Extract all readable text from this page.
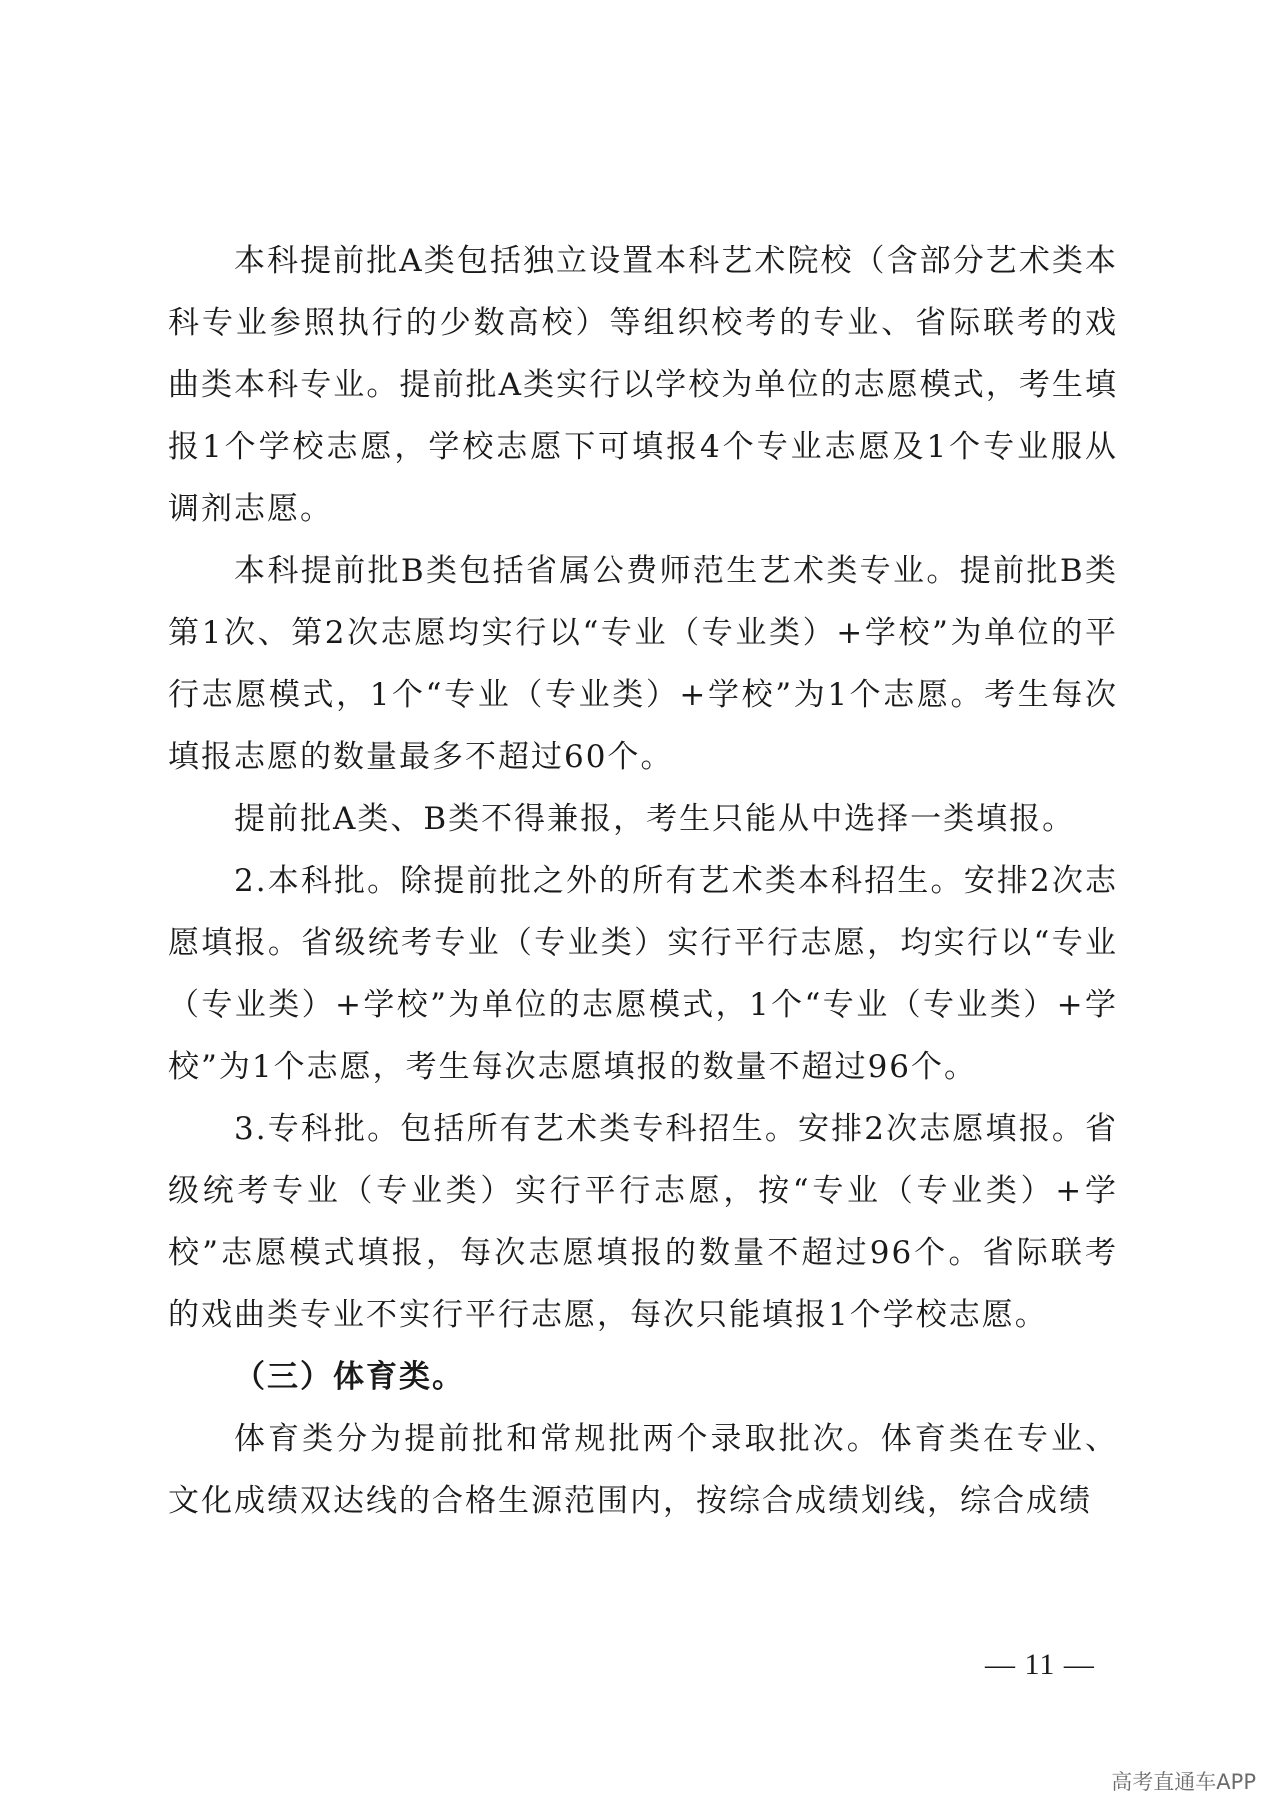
本科提前批A类包括独立设置本科艺术院校（含部分艺术类本科专业参照执行的少数高校）等组织校考的专业、省际联考的戏曲类本科专业。提前批A类实行以学校为单位的志愿模式，考生填报1个学校志愿，学校志愿下可填报4个专业志愿及1个专业服从调剂志愿。

本科提前批B类包括省属公费师范生艺术类专业。提前批B类第1次、第2次志愿均实行以“专业（专业类）+学校”为单位的平行志愿模式，1个“专业（专业类）+学校”为1个志愿。考生每次填报志愿的数量最多不超过60个。

提前批A类、B类不得兼报，考生只能从中选择一类填报。

2.本科批。除提前批之外的所有艺术类本科招生。安排2次志愿填报。省级统考专业（专业类）实行平行志愿，均实行以“专业（专业类）+学校”为单位的志愿模式，1个“专业（专业类）+学校”为1个志愿，考生每次志愿填报的数量不超过96个。

3.专科批。包括所有艺术类专科招生。安排2次志愿填报。省级统考专业（专业类）实行平行志愿，按“专业（专业类）+学校”志愿模式填报，每次志愿填报的数量不超过96个。省际联考的戏曲类专业不实行平行志愿，每次只能填报1个学校志愿。

（三）体育类。

体育类分为提前批和常规批两个录取批次。体育类在专业、文化成绩双达线的合格生源范围内，按综合成绩划线，综合成绩

— 11 —
高考直通车APP
